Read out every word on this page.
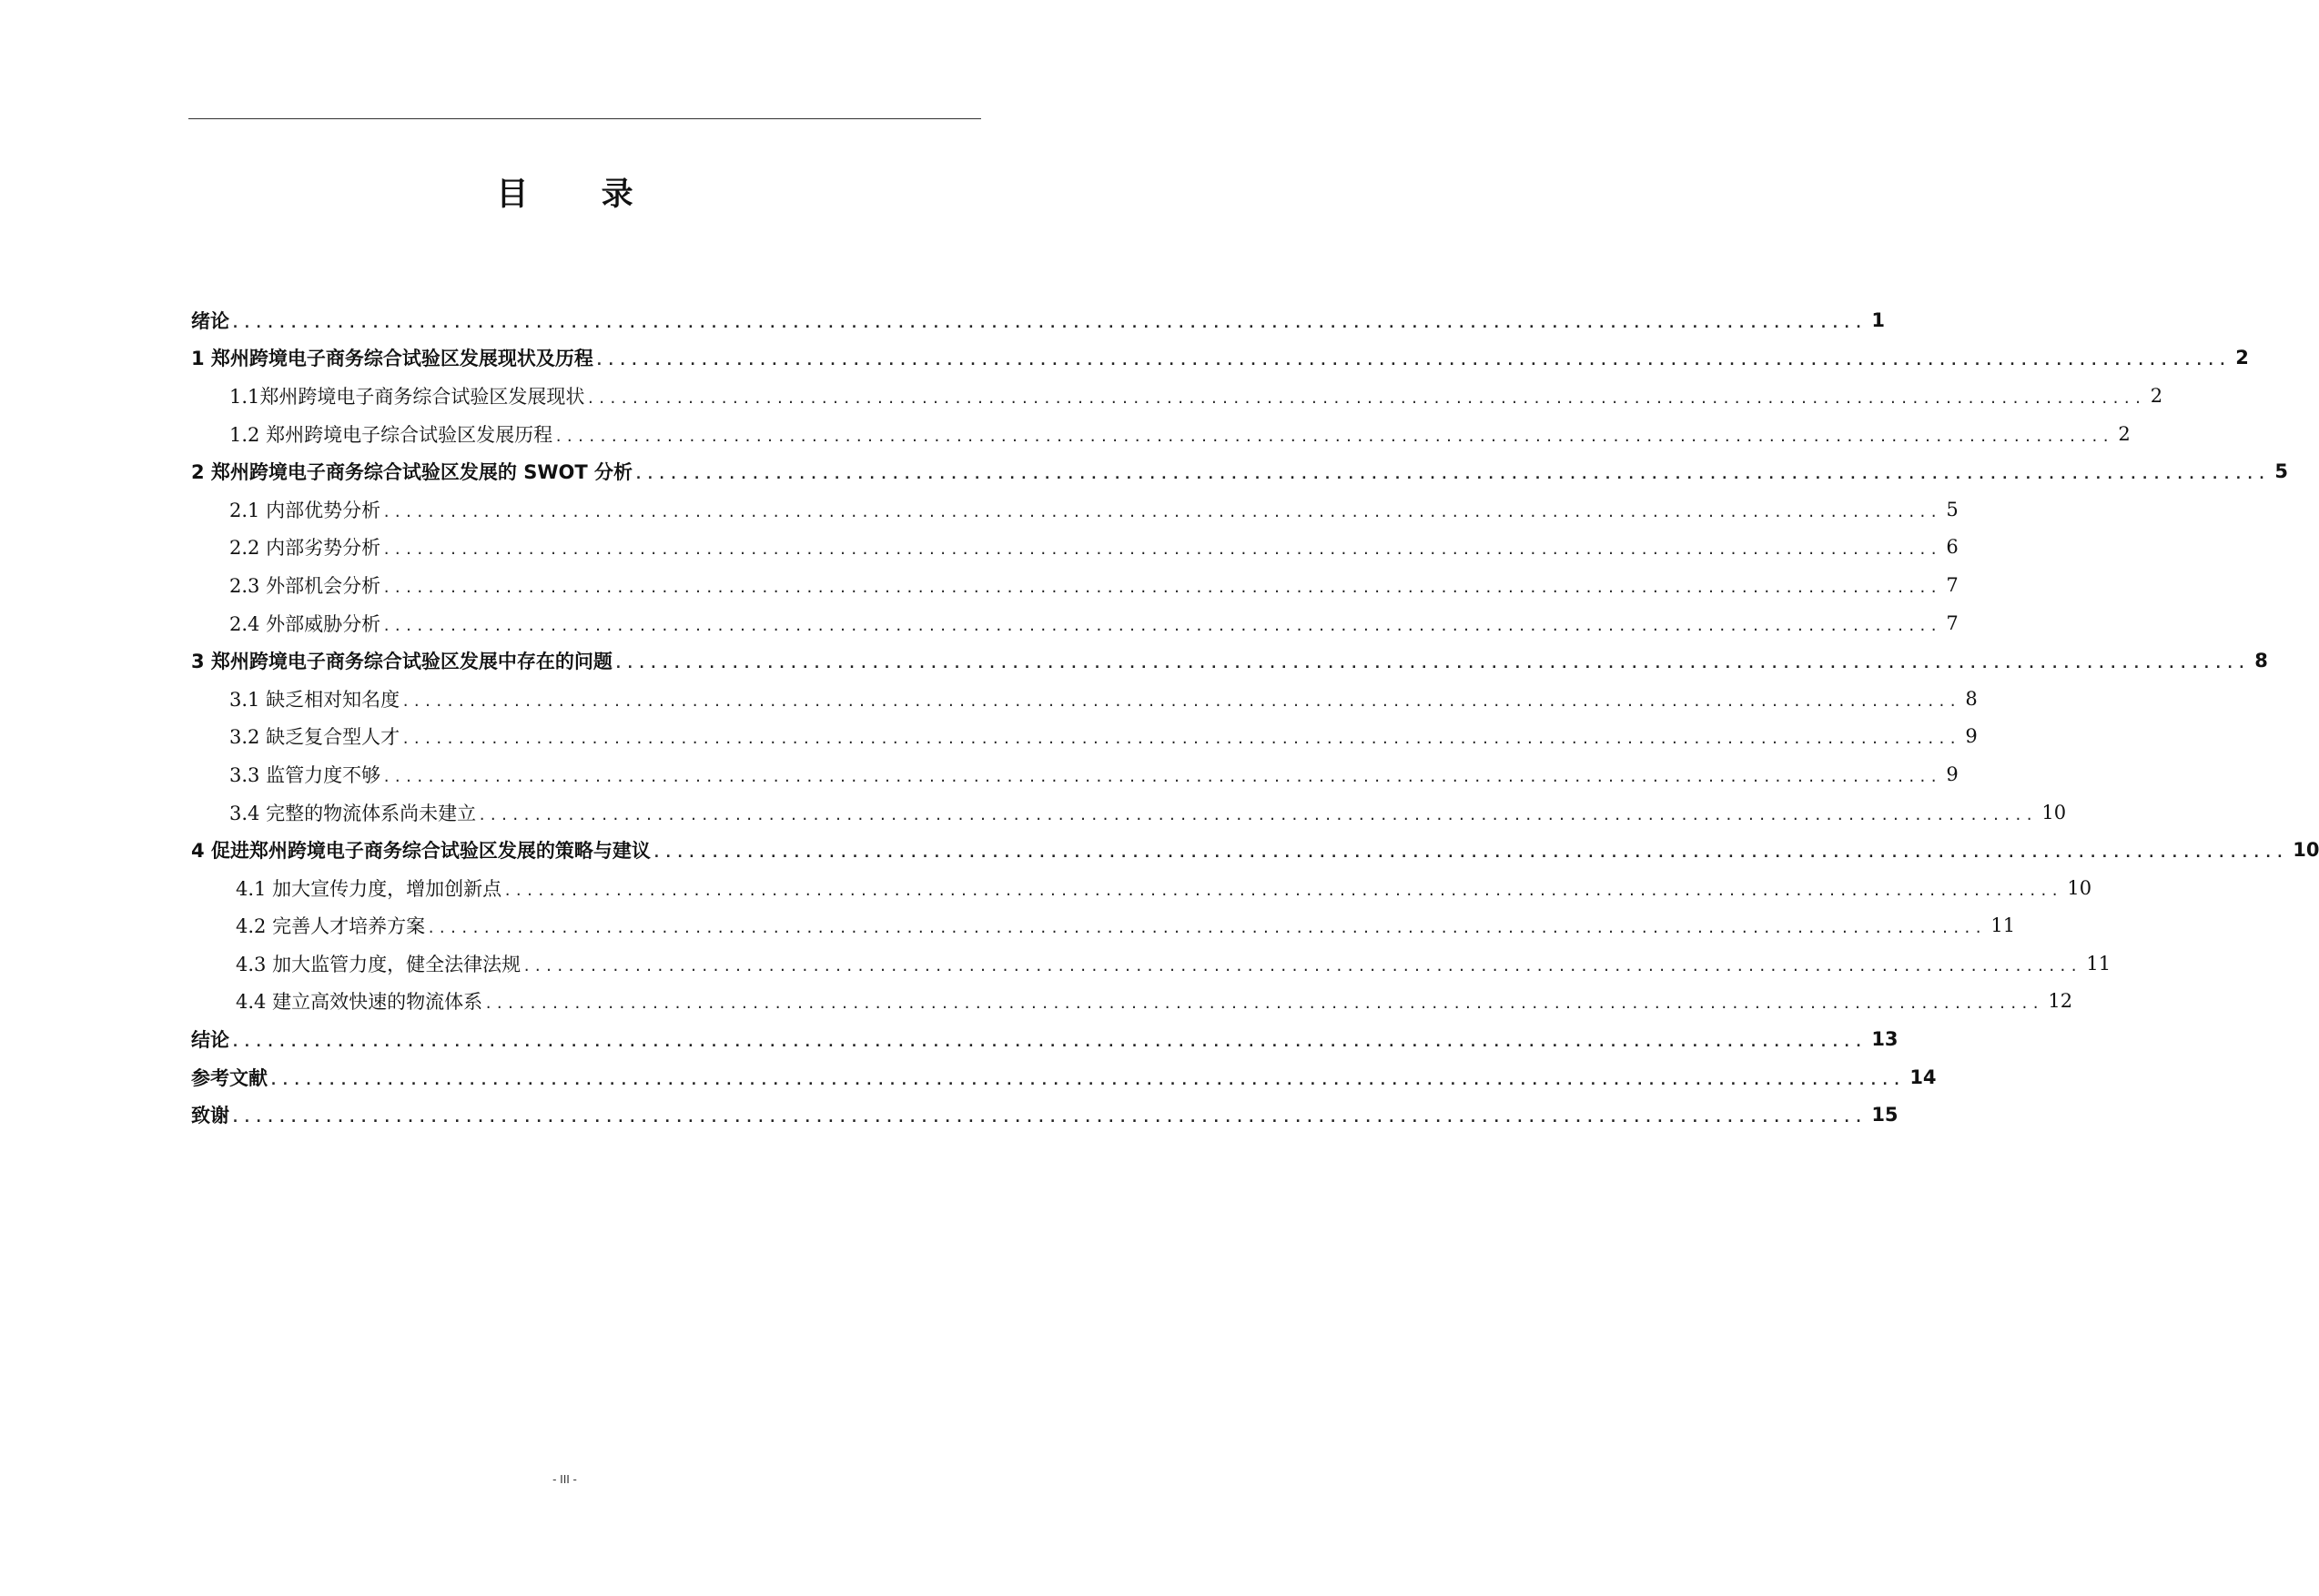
目 录
绪论 ............................................................................................................................................ 1
1 郑州跨境电子商务综合试验区发展现状及历程 ............................................................................................................................................ 2
1.1郑州跨境电子商务综合试验区发展现状 ............................................................................................................................................ 2
1.2 郑州跨境电子综合试验区发展历程 ............................................................................................................................................ 2
2 郑州跨境电子商务综合试验区发展的 SWOT 分析 ............................................................................................................................................ 5
2.1 内部优势分析 ............................................................................................................................................ 5
2.2 内部劣势分析 ............................................................................................................................................ 6
2.3 外部机会分析 ............................................................................................................................................ 7
2.4 外部威胁分析 ............................................................................................................................................ 7
3 郑州跨境电子商务综合试验区发展中存在的问题 ............................................................................................................................................ 8
3.1 缺乏相对知名度 ............................................................................................................................................ 8
3.2 缺乏复合型人才 ............................................................................................................................................ 9
3.3 监管力度不够 ............................................................................................................................................ 9
3.4 完整的物流体系尚未建立 ............................................................................................................................................ 10
4 促进郑州跨境电子商务综合试验区发展的策略与建议 ............................................................................................................................................ 10
4.1 加大宣传力度，增加创新点 ............................................................................................................................................ 10
4.2 完善人才培养方案 ............................................................................................................................................ 11
4.3 加大监管力度，健全法律法规 ............................................................................................................................................ 11
4.4 建立高效快速的物流体系 ............................................................................................................................................ 12
结论 ............................................................................................................................................ 13
参考文献 ............................................................................................................................................ 14
致谢 ............................................................................................................................................ 15
- III -
